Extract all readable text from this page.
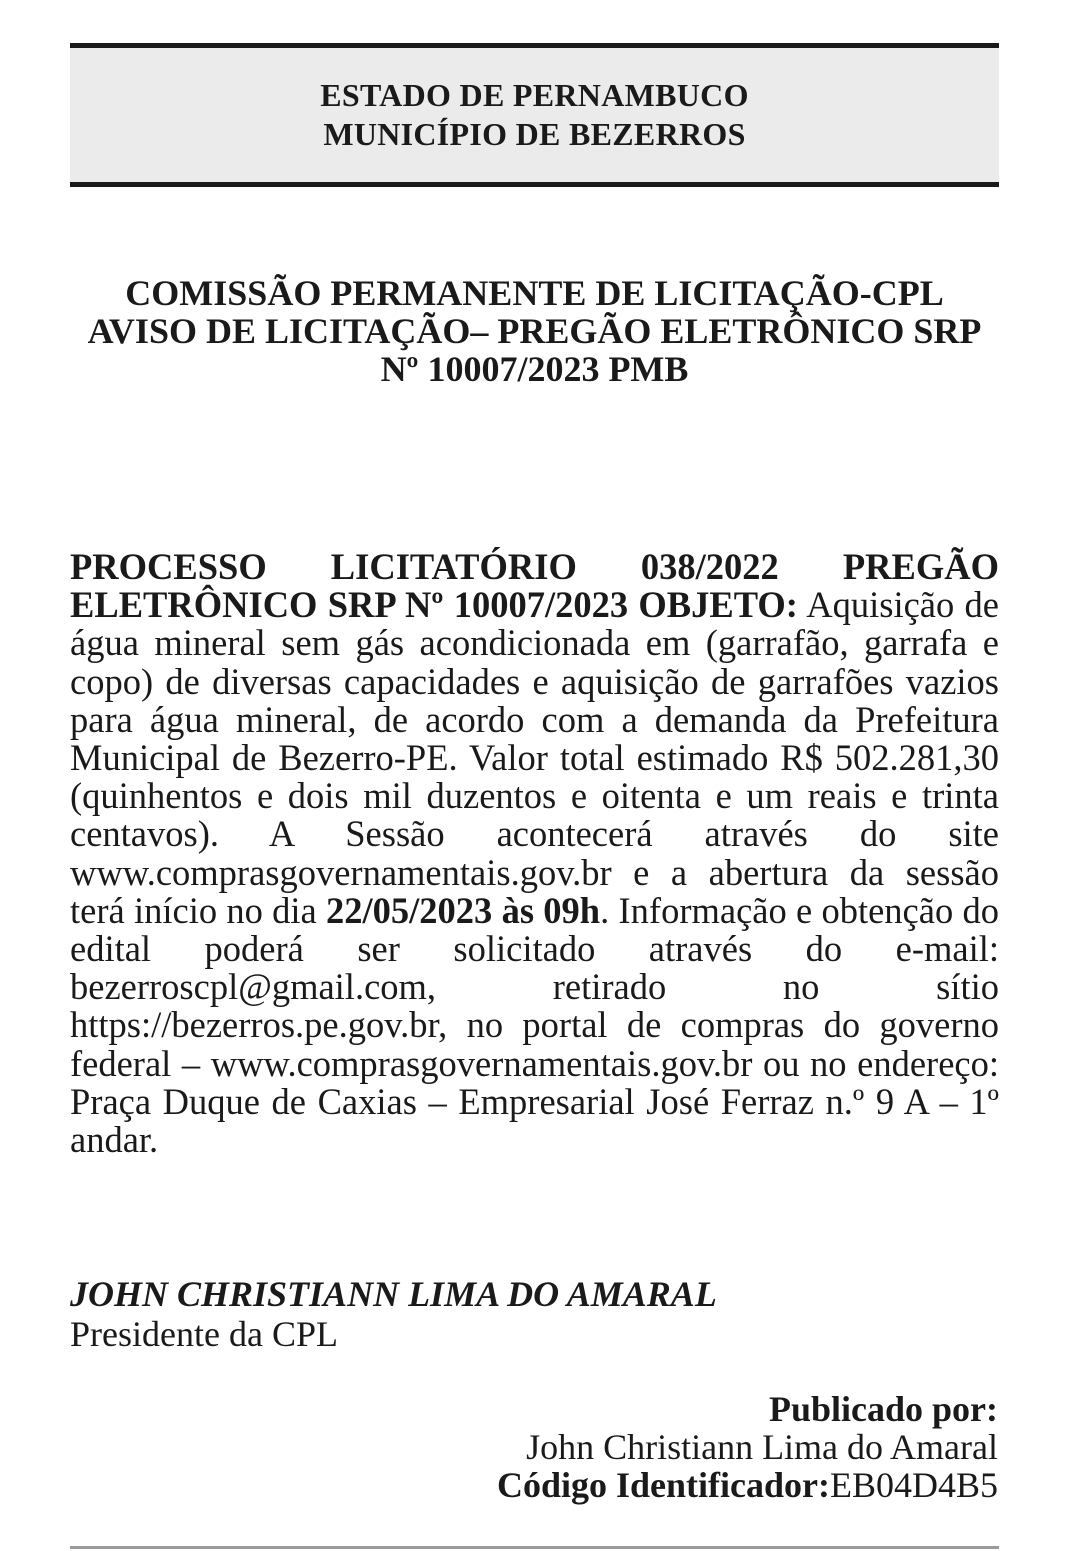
ESTADO DE PERNAMBUCO
MUNICÍPIO DE BEZERROS
COMISSÃO PERMANENTE DE LICITAÇÃO-CPL
AVISO DE LICITAÇÃO– PREGÃO ELETRÔNICO SRP
Nº 10007/2023 PMB
PROCESSO LICITATÓRIO 038/2022 PREGÃO ELETRÔNICO SRP Nº 10007/2023 OBJETO: Aquisição de água mineral sem gás acondicionada em (garrafão, garrafa e copo) de diversas capacidades e aquisição de garrafões vazios para água mineral, de acordo com a demanda da Prefeitura Municipal de Bezerro-PE. Valor total estimado R$ 502.281,30 (quinhentos e dois mil duzentos e oitenta e um reais e trinta centavos). A Sessão acontecerá através do site www.comprasgovernamentais.gov.br e a abertura da sessão terá início no dia 22/05/2023 às 09h. Informação e obtenção do edital poderá ser solicitado através do e-mail: bezerroscpl@gmail.com, retirado no sítio https://bezerros.pe.gov.br, no portal de compras do governo federal – www.comprasgovernamentais.gov.br ou no endereço: Praça Duque de Caxias – Empresarial José Ferraz n.º 9 A – 1º andar.
JOHN CHRISTIANN LIMA DO AMARAL
Presidente da CPL
Publicado por:
John Christiann Lima do Amaral
Código Identificador:EB04D4B5
